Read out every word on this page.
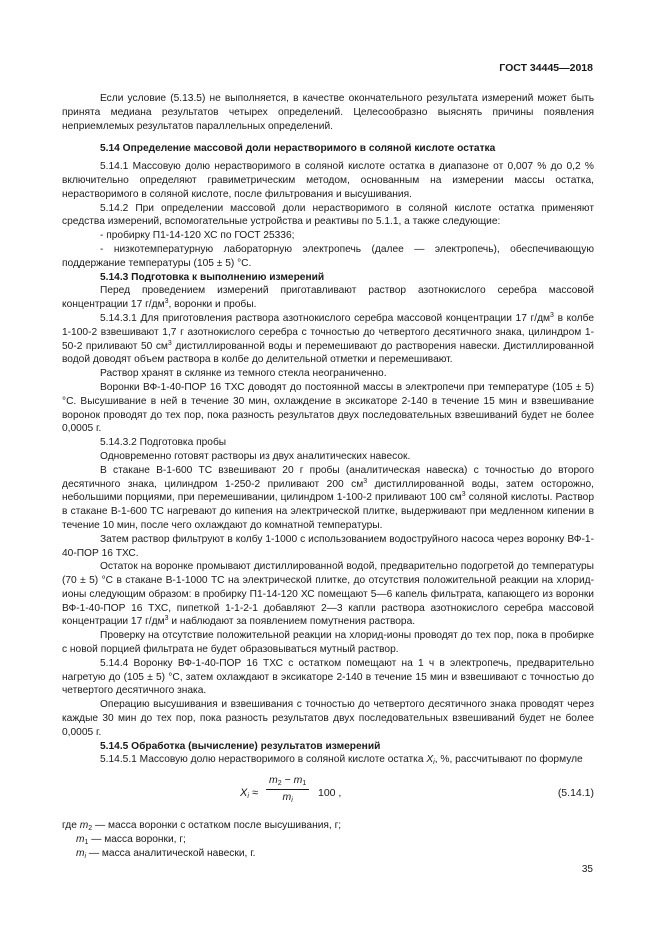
ГОСТ 34445—2018

Если условие (5.13.5) не выполняется, в качестве окончательного результата измерений может быть принята медиана результатов четырех определений. Целесообразно выяснять причины появления неприемлемых результатов параллельных определений.

5.14 Определение массовой доли нерастворимого в соляной кислоте остатка

5.14.1 Массовую долю нерастворимого в соляной кислоте остатка в диапазоне от 0,007 % до 0,2 % включительно определяют гравиметрическим методом, основанным на измерении массы остатка, нерастворимого в соляной кислоте, после фильтрования и высушивания.

5.14.2 При определении массовой доли нерастворимого в соляной кислоте остатка применяют средства измерений, вспомогательные устройства и реактивы по 5.1.1, а также следующие:

- пробирку П1-14-120 ХС по ГОСТ 25336;

- низкотемпературную лабораторную электропечь (далее — электропечь), обеспечивающую поддержание температуры (105 ± 5) °С.

5.14.3 Подготовка к выполнению измерений

Перед проведением измерений приготавливают раствор азотнокислого серебра массовой концентрации 17 $г/дм^3$, воронки и пробы.

5.14.3.1 Для приготовления раствора азотнокислого серебра массовой концентрации 17 $г/дм^3$ в колбе 1-100-2 взвешивают 1,7 г азотнокислого серебра с точностью до четвертого десятичного знака, цилиндром 1-50-2 приливают 50 $см^3$ дистиллированной воды и перемешивают до растворения навески. Дистиллированной водой доводят объем раствора в колбе до делительной отметки и перемешивают.

Раствор хранят в склянке из темного стекла неограниченно.

Воронки ВФ-1-40-ПОР 16 ТХС доводят до постоянной массы в электропечи при температуре (105 ± 5) °С. Высушивание в ней в течение 30 мин, охлаждение в эксикаторе 2-140 в течение 15 мин и взвешивание воронок проводят до тех пор, пока разность результатов двух последовательных взвешиваний будет не более 0,0005 г.

5.14.3.2 Подготовка пробы

Одновременно готовят растворы из двух аналитических навесок.

В стакане В-1-600 ТС взвешивают 20 г пробы (аналитическая навеска) с точностью до второго десятичного знака, цилиндром 1-250-2 приливают 200 $см^3$ дистиллированной воды, затем осторожно, небольшими порциями, при перемешивании, цилиндром 1-100-2 приливают 100 $см^3$ соляной кислоты. Раствор в стакане В-1-600 ТС нагревают до кипения на электрической плитке, выдерживают при медленном кипении в течение 10 мин, после чего охлаждают до комнатной температуры.

Затем раствор фильтруют в колбу 1-1000 с использованием водоструйного насоса через воронку ВФ-1-40-ПОР 16 ТХС.

Остаток на воронке промывают дистиллированной водой, предварительно подогретой до температуры (70 ± 5) °С в стакане В-1-1000 ТС на электрической плитке, до отсутствия положительной реакции на хлорид-ионы следующим образом: в пробирку П1-14-120 ХС помещают 5—6 капель фильтрата, капающего из воронки ВФ-1-40-ПОР 16 ТХС, пипеткой 1-1-2-1 добавляют 2—3 капли раствора азотнокислого серебра массовой концентрации 17 $г/дм^3$ и наблюдают за появлением помутнения раствора.

Проверку на отсутствие положительной реакции на хлорид-ионы проводят до тех пор, пока в пробирке с новой порцией фильтрата не будет образовываться мутный раствор.

5.14.4 Воронку ВФ-1-40-ПОР 16 ТХС с остатком помещают на 1 ч в электропечь, предварительно нагретую до (105 ± 5) °С, затем охлаждают в эксикаторе 2-140 в течение 15 мин и взвешивают с точностью до четвертого десятичного знака.

Операцию высушивания и взвешивания с точностью до четвертого десятичного знака проводят через каждые 30 мин до тех пор, пока разность результатов двух последовательных взвешиваний будет не более 0,0005 г.

5.14.5 Обработка (вычисление) результатов измерений

5.14.5.1 Массовую долю нерастворимого в соляной кислоте остатка $X_i$, %, рассчитывают по формуле

$X_i \approx \frac{m_2 - m_1}{m_i} 100$ ,	(5.14.1)

где $m_2$ — масса воронки с остатком после высушивания, г;

$m_1$ — масса воронки, г;

$m_i$ — масса аналитической навески, г.

35
